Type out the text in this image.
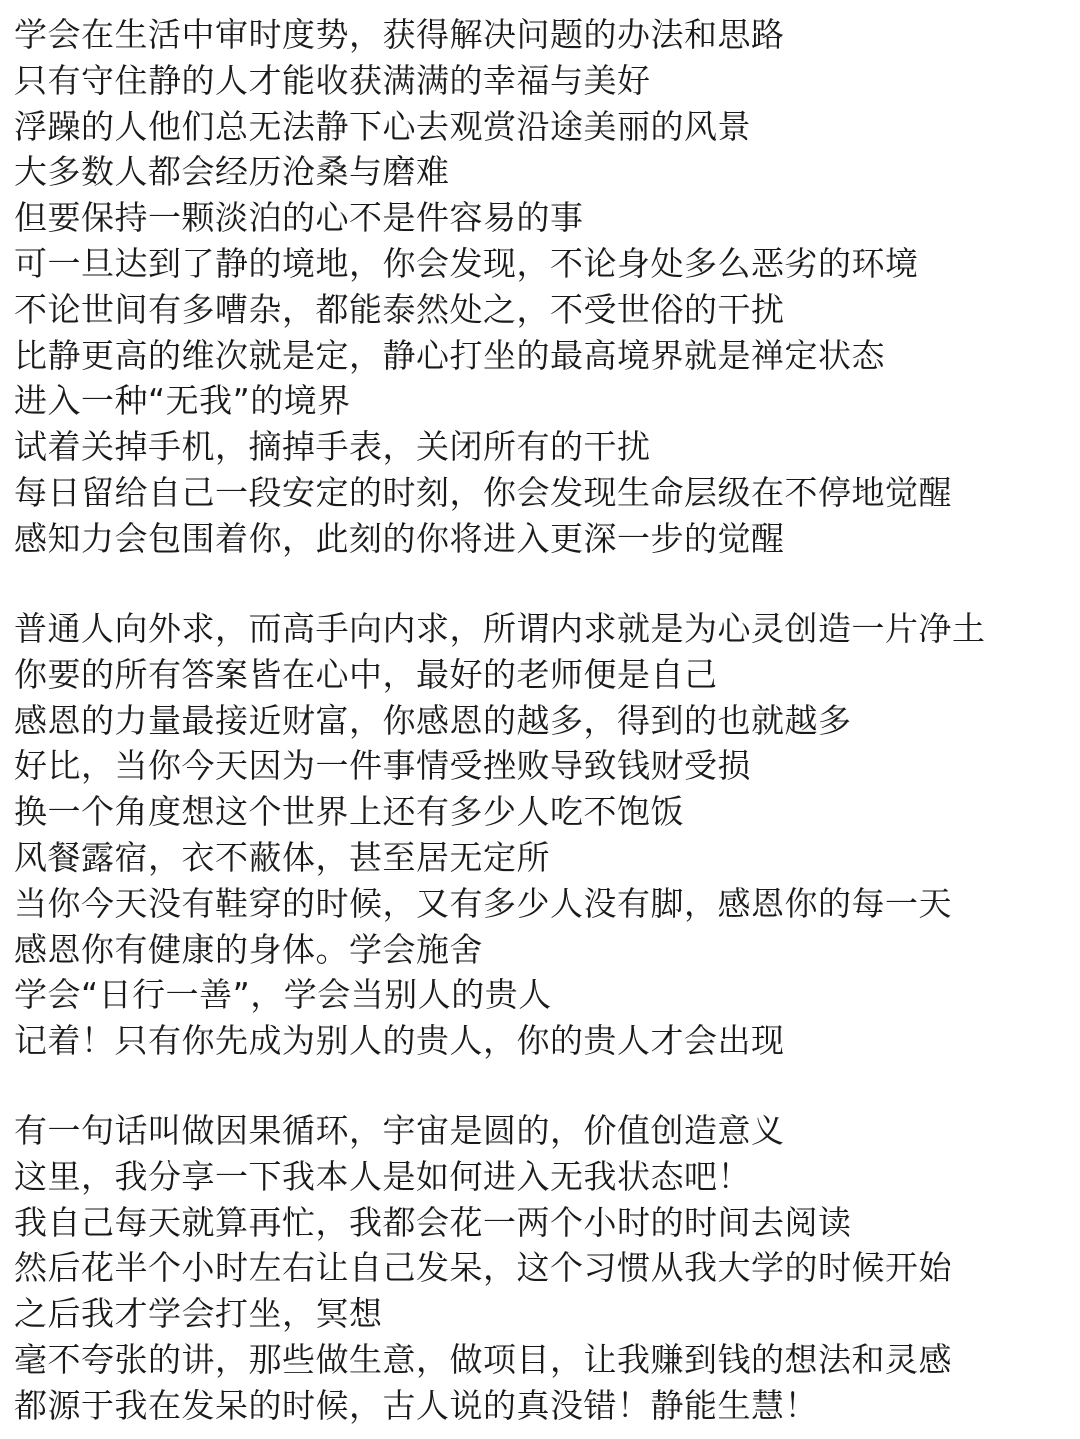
学会在生活中审时度势，获得解决问题的办法和思路
只有守住静的人才能收获满满的幸福与美好
浮躁的人他们总无法静下心去观赏沿途美丽的风景
大多数人都会经历沧桑与磨难
但要保持一颗淡泊的心不是件容易的事
可一旦达到了静的境地，你会发现，不论身处多么恶劣的环境
不论世间有多嘈杂，都能泰然处之，不受世俗的干扰
比静更高的维次就是定，静心打坐的最高境界就是禅定状态
进入一种“无我”的境界
试着关掉手机，摘掉手表，关闭所有的干扰
每日留给自己一段安定的时刻，你会发现生命层级在不停地觉醒
感知力会包围着你，此刻的你将进入更深一步的觉醒
普通人向外求，而高手向内求，所谓内求就是为心灵创造一片净土
你要的所有答案皆在心中，最好的老师便是自己
感恩的力量最接近财富，你感恩的越多，得到的也就越多
好比，当你今天因为一件事情受挫败导致钱财受损
换一个角度想这个世界上还有多少人吃不饱饭
风餐露宿，衣不蔽体，甚至居无定所
当你今天没有鞋穿的时候，又有多少人没有脚，感恩你的每一天
感恩你有健康的身体。学会施舍
学会“日行一善”，学会当别人的贵人
记着！只有你先成为别人的贵人，你的贵人才会出现
有一句话叫做因果循环，宇宙是圆的，价值创造意义
这里，我分享一下我本人是如何进入无我状态吧！
我自己每天就算再忙，我都会花一两个小时的时间去阅读
然后花半个小时左右让自己发呆，这个习惯从我大学的时候开始
之后我才学会打坐，冥想
毫不夸张的讲，那些做生意，做项目，让我赚到钱的想法和灵感
都源于我在发呆的时候，古人说的真没错！静能生慧！
